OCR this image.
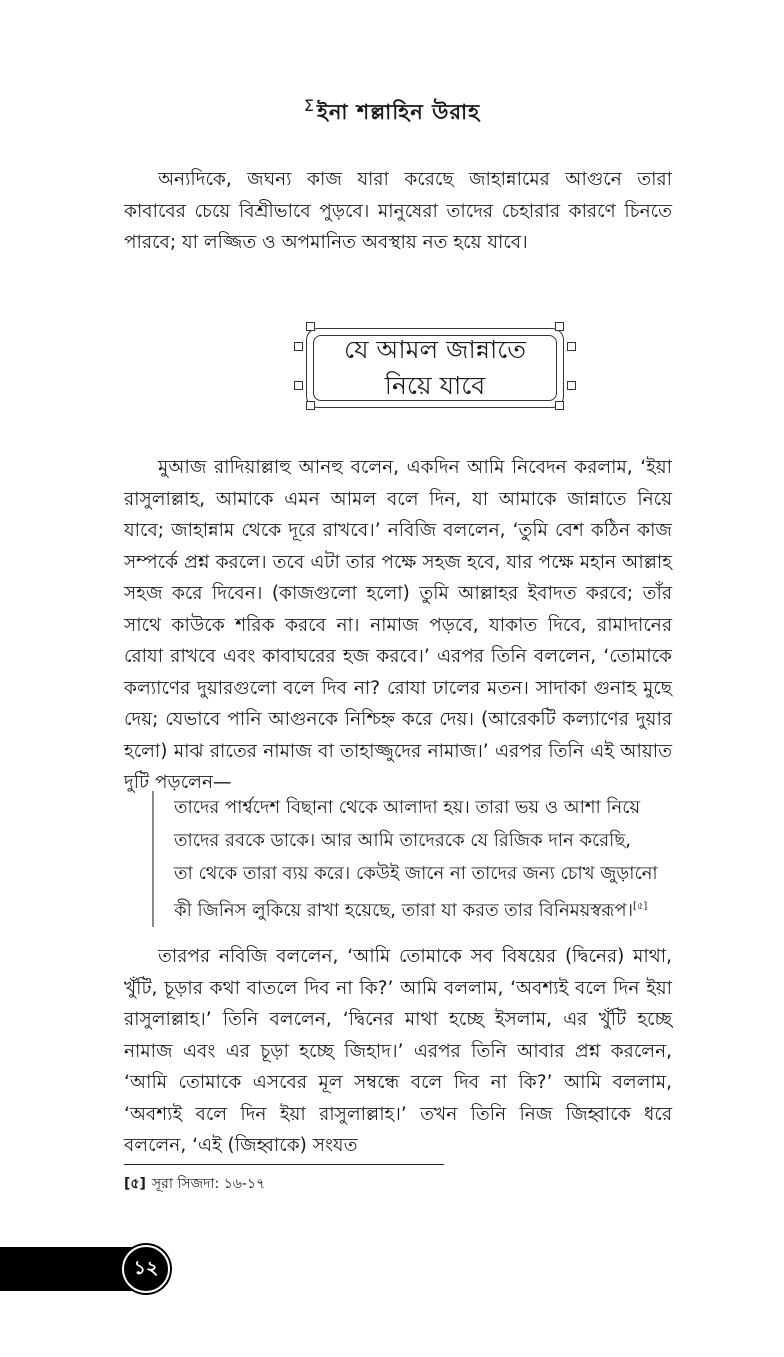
$^ⵉ$ইনা শল্লাহিন উরাহ

অন্যদিকে, জঘন্য কাজ যারা করেছে জাহান্নামের আগুনে তারা কাবাবের চেয়ে বিশ্রীভাবে পুড়বে। মানুষেরা তাদের চেহারার কারণে চিনতে পারবে; যা লজ্জিত ও অপমানিত অবস্থায় নত হয়ে যাবে।

যে আমল জান্নাতে
নিয়ে যাবে

মুআজ রাদিয়াল্লাহু আনহু বলেন, একদিন আমি নিবেদন করলাম, ‘ইয়া রাসুলাল্লাহ, আমাকে এমন আমল বলে দিন, যা আমাকে জান্নাতে নিয়ে যাবে; জাহান্নাম থেকে দূরে রাখবে।’ নবিজি বললেন, ‘তুমি বেশ কঠিন কাজ সম্পর্কে প্রশ্ন করলে। তবে এটা তার পক্ষে সহজ হবে, যার পক্ষে মহান আল্লাহ সহজ করে দিবেন। (কাজগুলো হলো) তুমি আল্লাহর ইবাদত করবে; তাঁর সাথে কাউকে শরিক করবে না। নামাজ পড়বে, যাকাত দিবে, রামাদানের রোযা রাখবে এবং কাবাঘরের হজ করবে।’ এরপর তিনি বললেন, ‘তোমাকে কল্যাণের দুয়ারগুলো বলে দিব না? রোযা ঢালের মতন। সাদাকা গুনাহ মুছে দেয়; যেভাবে পানি আগুনকে নিশ্চিহ্ন করে দেয়। (আরেকটি কল্যাণের দুয়ার হলো) মাঝ রাতের নামাজ বা তাহাজ্জুদের নামাজ।’ এরপর তিনি এই আয়াত দুটি পড়লেন—

তাদের পার্শ্বদেশ বিছানা থেকে আলাদা হয়। তারা ভয় ও আশা নিয়ে
তাদের রবকে ডাকে। আর আমি তাদেরকে যে রিজিক দান করেছি,
তা থেকে তারা ব্যয় করে। কেউই জানে না তাদের জন্য চোখ জুড়ানো
কী জিনিস লুকিয়ে রাখা হয়েছে, তারা যা করত তার বিনিময়স্বরূপ।[৫]

তারপর নবিজি বললেন, ‘আমি তোমাকে সব বিষয়ের (দ্বিনের) মাথা, খুঁটি, চূড়ার কথা বাতলে দিব না কি?’ আমি বললাম, ‘অবশ্যই বলে দিন ইয়া রাসুলাল্লাহ।’ তিনি বললেন, ‘দ্বিনের মাথা হচ্ছে ইসলাম, এর খুঁটি হচ্ছে নামাজ এবং এর চূড়া হচ্ছে জিহাদ।’ এরপর তিনি আবার প্রশ্ন করলেন, ‘আমি তোমাকে এসবের মূল সম্বন্ধে বলে দিব না কি?’ আমি বললাম, ‘অবশ্যই বলে দিন ইয়া রাসুলাল্লাহ।’ তখন তিনি নিজ জিহ্বাকে ধরে বললেন, ‘এই (জিহ্বাকে) সংযত

[৫] সূরা সিজদা: ১৬-১৭
১২
